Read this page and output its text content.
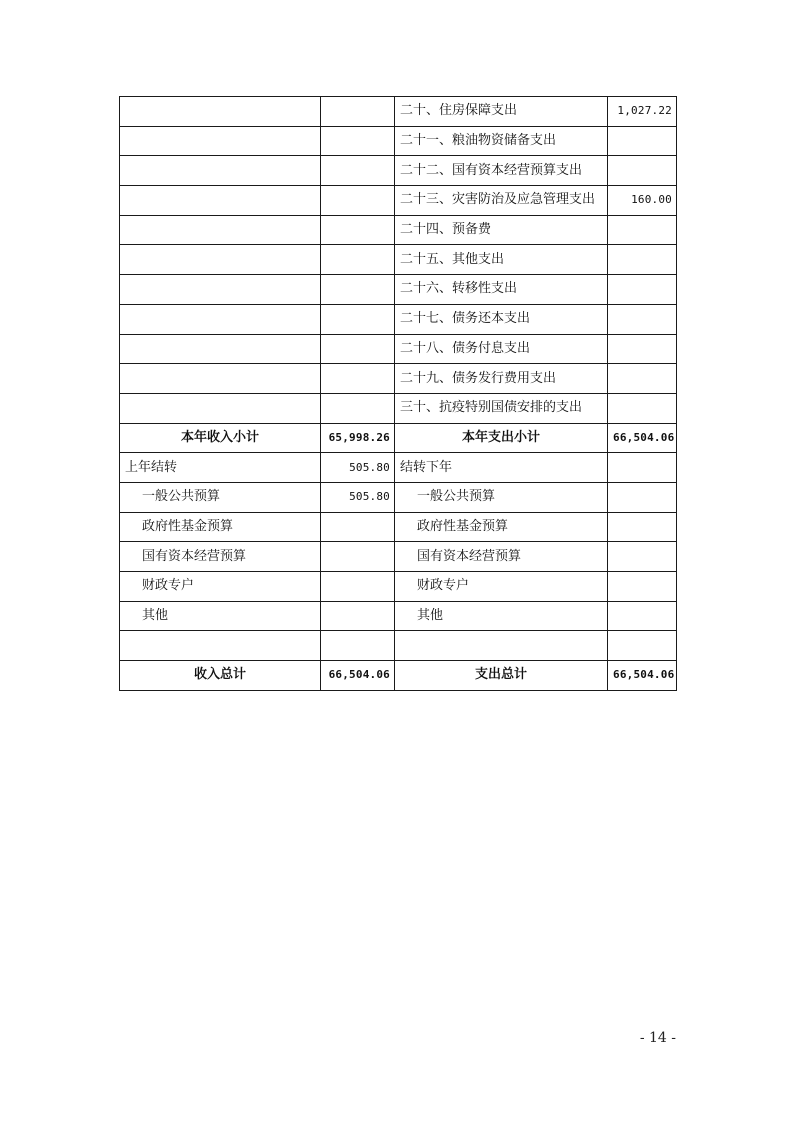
		二十、住房保障支出	1,027.22
		二十一、粮油物资储备支出	
		二十二、国有资本经营预算支出	
		二十三、灾害防治及应急管理支出	160.00
		二十四、预备费	
		二十五、其他支出	
		二十六、转移性支出	
		二十七、债务还本支出	
		二十八、债务付息支出	
		二十九、债务发行费用支出	
		三十、抗疫特别国债安排的支出	
本年收入小计	65,998.26	本年支出小计	66,504.06
上年结转	505.80	结转下年	
一般公共预算	505.80	一般公共预算	
政府性基金预算		政府性基金预算	
国有资本经营预算		国有资本经营预算	
财政专户		财政专户	
其他		其他	

收入总计	66,504.06	支出总计	66,504.06
- 14 -
